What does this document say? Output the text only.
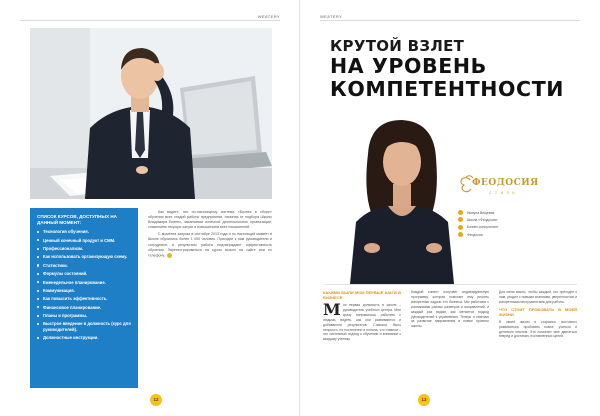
WEATERY
СПИСОК КУРСОВ, ДОСТУПНЫХ НА ДАННЫЙ МОМЕНТ:
Технология обучения.
Ценный конечный продукт и СММ.
Профессионализм.
Как использовать организующую схему.
Статистики.
Формулы состояний.
Еженедельное планирование.
Коммуникация.
Как повысить эффективность.
Финансовое планирование.
Планы и программы.
Быстрое введение в должность (курс для руководителей).
Должностные инструкции.

Как видите, это по-настоящему система «Бизнес в сборе» обучения всех стадий работы предприятия, начиная от подбора Школы Владимира Бизнес, заканчивая конечной деятельностью организации, снижением текущих затрат и повышением всех показателей.

С момента запуска в сентябре 2013 года и по настоящий момент в Школе обучились более 1 000 человек. Приходят к нам руководители и сотрудники, и результаты работы подтверждают эффективность обучения. Зарегистрироваться на курсы можно на сайте или по телефону.

12
WEATERY
КРУТОЙ ВЗЛЕТ
НА УРОВЕНЬ
КОМПЕТЕНТНОСТИ
ФЕОДОСИЯ
С Т И Л Ь
Импула Вещевая
Школа «Феодосия»
Бизнес-консультант
Феодосия
КАКИМИ БЫЛИ МОИ ПЕРВЫЕ ШАГИ В БИЗНЕСЕ
М оя первая должность в школе – руководитель учебного центра. Мне сразу понравилось работать с людьми, видеть, как они развиваются и добиваются результатов. Сначала было непросто, но постепенно я поняла, что главное – это системный подход к обучению и внимание к каждому ученику.

Каждый клиент получает индивидуальную программу, которая помогает ему решить конкретные задачи его бизнеса. Мы работаем с компаниями разных размеров и направлений, и каждый раз видим, как меняется подход руководителей к управлению. Теперь я отвечаю за развитие направления и новые проекты школы.

Для меня важно, чтобы каждый, кто приходит к нам, уходил с новыми знаниями, уверенностью и конкретными инструментами для работы.

ЧТО СТОИТ ПРОБОВАТЬ В МОЕЙ ЖИЗНИ

В своей жизни я стараюсь постоянно развиваться, пробовать новое, учиться и делиться опытом. Это помогает мне двигаться вперед и достигать поставленных целей.

13
